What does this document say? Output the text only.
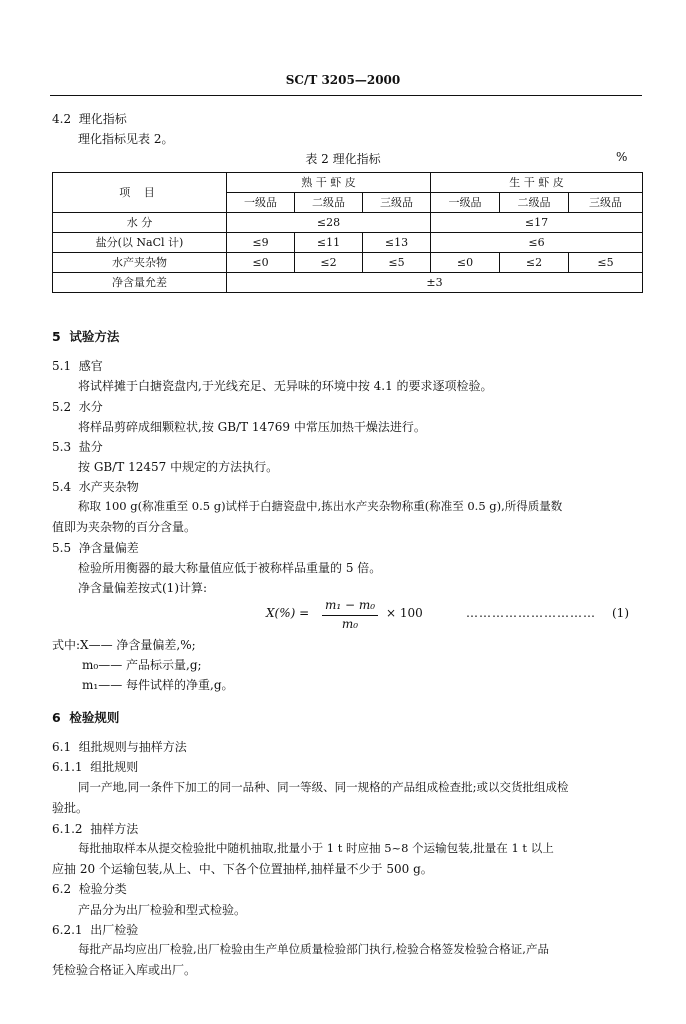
SC/T 3205—2000
4.2 理化指标
理化指标见表 2。
表 2 理化指标	%
项 目	熟 干 虾 皮			生 干 虾 皮		
	一级品	二级品	三级品	一级品	二级品	三级品
水 分	≤28			≤17		
盐分(以 NaCl 计)	≤9	≤11	≤13	≤6		
水产夹杂物	≤0	≤2	≤5	≤0	≤2	≤5
净含量允差	±3					
5 试验方法
5.1 感官
将试样摊于白搪瓷盘内,于光线充足、无异味的环境中按 4.1 的要求逐项检验。
5.2 水分
将样品剪碎成细颗粒状,按 GB/T 14769 中常压加热干燥法进行。
5.3 盐分
按 GB/T 12457 中规定的方法执行。
5.4 水产夹杂物
称取 100 g(称准重至 0.5 g)试样于白搪瓷盘中,拣出水产夹杂物称重(称准至 0.5 g),所得质量数
值即为夹杂物的百分含量。
5.5 净含量偏差
检验所用衡器的最大称量值应低于被称样品重量的 5 倍。
净含量偏差按式(1)计算:
X(%) =
m₁ − m₀
m₀
× 100	………………………… (1)
式中:X—— 净含量偏差,%;
m₀—— 产品标示量,g;
m₁—— 每件试样的净重,g。
6 检验规则
6.1 组批规则与抽样方法
6.1.1 组批规则
同一产地,同一条件下加工的同一品种、同一等级、同一规格的产品组成检查批;或以交货批组成检
验批。
6.1.2 抽样方法
每批抽取样本从提交检验批中随机抽取,批量小于 1 t 时应抽 5~8 个运输包装,批量在 1 t 以上
应抽 20 个运输包装,从上、中、下各个位置抽样,抽样量不少于 500 g。
6.2 检验分类
产品分为出厂检验和型式检验。
6.2.1 出厂检验
每批产品均应出厂检验,出厂检验由生产单位质量检验部门执行,检验合格签发检验合格证,产品
凭检验合格证入库或出厂。
